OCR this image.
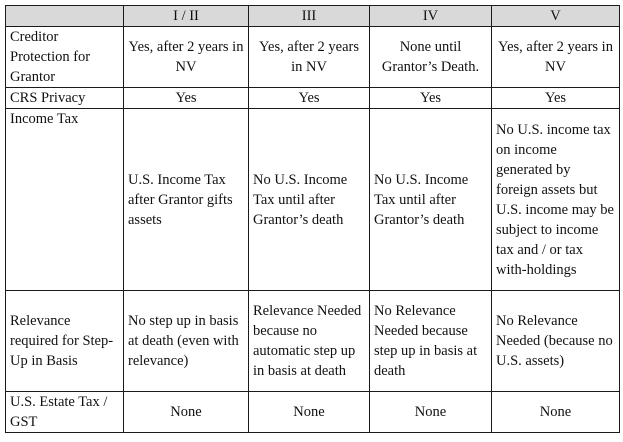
	I / II	III	IV	V
Creditor Protection for Grantor	Yes, after 2 years in NV	Yes, after 2 years in NV	None until Grantor’s Death.	Yes, after 2 years in NV
CRS Privacy	Yes	Yes	Yes	Yes
Income Tax	U.S. Income Tax after Grantor gifts assets	No U.S. Income Tax until after Grantor’s death	No U.S. Income Tax until after Grantor’s death	No U.S. income tax on income generated by foreign assets but U.S. income may be subject to income tax and / or tax with-holdings
Relevance required for Step-Up in Basis	No step up in basis at death (even with relevance)	Relevance Needed because no automatic step up in basis at death	No Relevance Needed because step up in basis at death	No Relevance Needed (because no U.S. assets)
U.S. Estate Tax / GST	None	None	None	None
